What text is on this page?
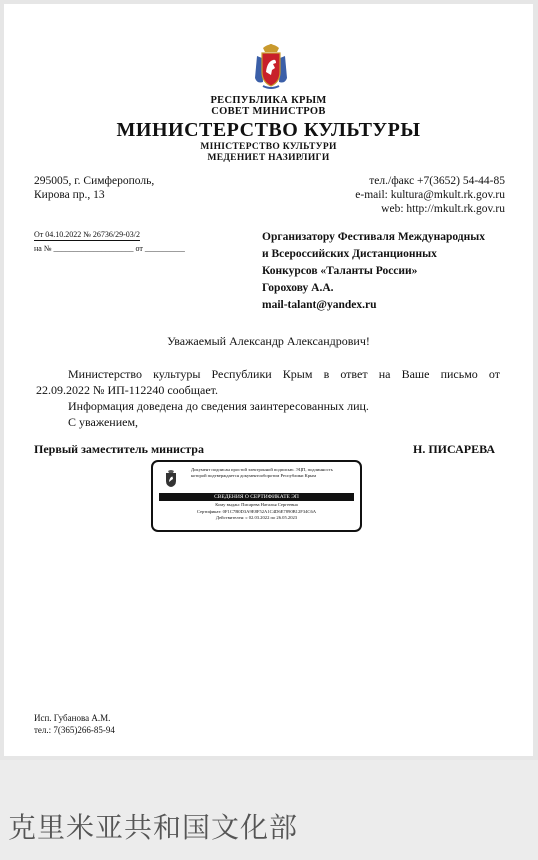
РЕСПУБЛИКА КРЫМ
СОВЕТ МИНИСТРОВ
МИНИСТЕРСТВО КУЛЬТУРЫ
МІНІСТЕРСТВО КУЛЬТУРИ
МЕДЕНИЕТ НАЗИРЛИГИ
295005, г. Симферополь,
Кирова пр., 13
тел./факс +7(3652) 54-44-85
e-mail: kultura@mkult.rk.gov.ru
web: http://mkult.rk.gov.ru
От 04.10.2022 № 26736/29-03/2
на № ____________________ от __________
Организатору Фестиваля Международных
и Всероссийских Дистанционных
Конкурсов «Таланты России»
Горохову А.А.
mail-talant@yandex.ru
Уважаемый Александр Александрович!
Министерство культуры Республики Крым в ответ на Ваше письмо от
22.09.2022 № ИП-112240 сообщает.
Информация доведена до сведения заинтересованных лиц.
С уважением,
Первый заместитель министра	Н. ПИСАРЕВА
Документ подписан простой электронной подписью. ЭЦП, подлинность
которой подтверждается документооборотом Республики Крым
СВЕДЕНИЯ О СЕРТИФИКАТЕ ЭП
Кому выдан: Писарева Наталья Сергеевна
Сертификат: 0F1C7B0D3A9E8F52A1C4D6E7890B12F34C6A
Действителен: с 02.03.2022 по 26.05.2023
Исп. Губанова А.М.
тел.: 7(365)266-85-94
克里米亚共和国文化部
